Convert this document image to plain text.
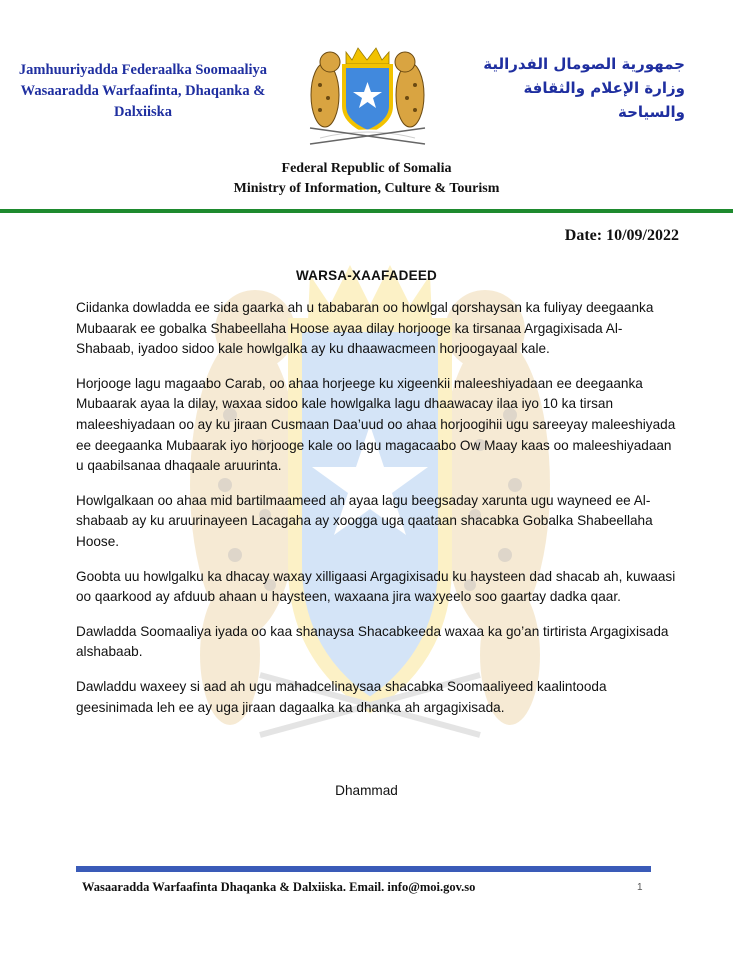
Jamhuuriyadda Federaalka Soomaaliya
Wasaaradda Warfaafinta, Dhaqanka &
Dalxiiska
جمهورية الصومال الفدرالية
وزارة الإعلام والثقافة والسياحة
Federal Republic of Somalia
Ministry of Information, Culture & Tourism
Date: 10/09/2022
WARSA-XAAFADEED

Ciidanka dowladda ee sida gaarka ah u tababaran oo howlgal qorshaysan ka fuliyay deegaanka Mubaarak ee gobalka Shabeellaha Hoose ayaa dilay horjooge ka tirsanaa Argagixisada Al-Shabaab, iyadoo sidoo kale howlgalka ay ku dhaawacmeen horjoogayaal kale.

Horjooge lagu magaabo Carab, oo ahaa horjeege ku xigeenkii maleeshiyadaan ee deegaanka Mubaarak ayaa la dilay, waxaa sidoo kale howlgalka lagu dhaawacay ilaa iyo 10 ka tirsan maleeshiyadaan oo ay ku jiraan Cusmaan Daa’uud oo ahaa horjoogihii ugu sareeyay maleeshiyada ee deegaanka Mubaarak iyo horjooge kale oo lagu magacaabo Ow Maay kaas oo maleeshiyadaan u qaabilsanaa dhaqaale aruurinta.

Howlgalkaan oo ahaa mid bartilmaameed ah ayaa lagu beegsaday xarunta ugu wayneed ee Al-shabaab ay ku aruurinayeen Lacagaha ay xoogga uga qaataan shacabka Gobalka Shabeellaha Hoose.

Goobta uu howlgalku ka dhacay waxay xilligaasi Argagixisadu ku haysteen dad shacab ah, kuwaasi oo qaarkood ay afduub ahaan u haysteen, waxaana jira waxyeelo soo gaartay dadka qaar.

Dawladda Soomaaliya iyada oo kaa shanaysa Shacabkeeda waxaa ka go’an tirtirista Argagixisada alshabaab.

Dawladdu waxeey si aad ah ugu mahadcelinaysaa shacabka Soomaaliyeed kaalintooda geesinimada leh ee ay uga jiraan dagaalka ka dhanka ah argagixisada.

Dhammad
Wasaaradda Warfaafinta Dhaqanka & Dalxiiska. Email. info@moi.gov.so	1
